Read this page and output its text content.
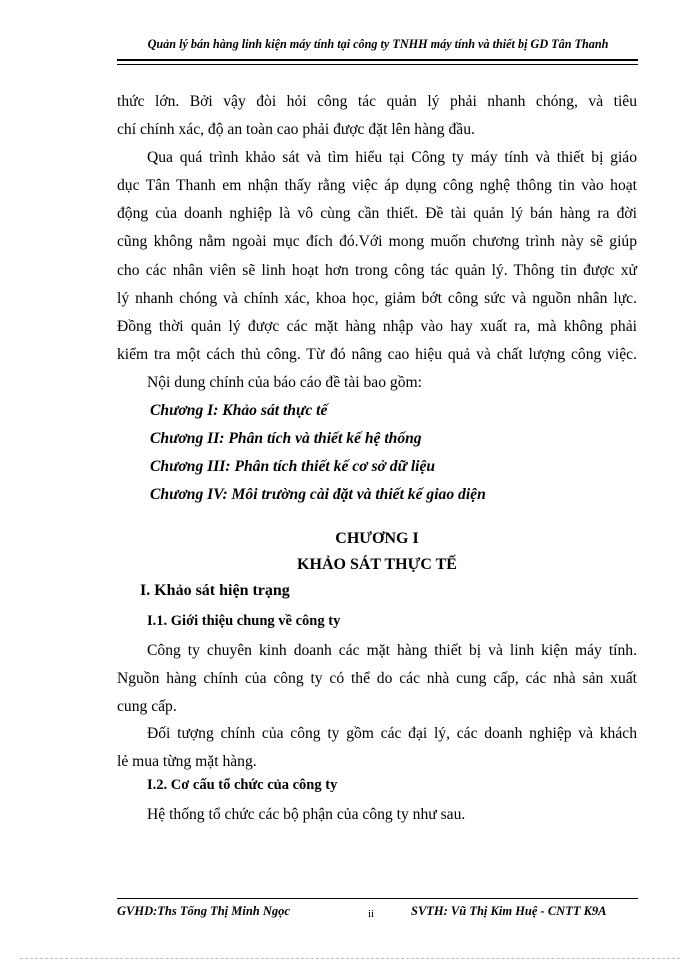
Quản lý bán hàng linh kiện máy tính tại công ty TNHH máy tính và thiết bị GD Tân Thanh
thức lớn. Bởi vậy đòi hỏi công tác quản lý phải nhanh chóng, và tiêu
chí chính xác, độ an toàn cao phải được đặt lên hàng đầu.
Qua quá trình khảo sát và tìm hiểu tại Công ty máy tính và thiết bị giáo
dục Tân Thanh em nhận thấy rằng việc áp dụng công nghệ thông tin vào hoạt
động của doanh nghiệp là vô cùng cần thiết. Đề tài quản lý bán hàng ra đời
cũng không nằm ngoài mục đích đó.Với mong muốn chương trình này sẽ giúp
cho các nhân viên sẽ linh hoạt hơn trong công tác quản lý. Thông tin được xử
lý nhanh chóng và chính xác, khoa học, giảm bớt công sức và nguồn nhân lực.
Đồng thời quản lý được các mặt hàng nhập vào hay xuất ra, mà không phải
kiểm tra một cách thủ công. Từ đó nâng cao hiệu quả và chất lượng công việc.
Nội dung chính của báo cáo đề tài bao gồm:
Chương I: Khảo sát thực tế
Chương II: Phân tích và thiết kế hệ thống
Chương III: Phân tích thiết kế cơ sở dữ liệu
Chương IV: Môi trường cài đặt và thiết kế giao diện
CHƯƠNG I
KHẢO SÁT THỰC TẾ
I. Khảo sát hiện trạng
I.1. Giới thiệu chung về công ty
Công ty chuyên kinh doanh các mặt hàng thiết bị và linh kiện máy tính.
Nguồn hàng chính của công ty có thể do các nhà cung cấp, các nhà sản xuất
cung cấp.
Đối tượng chính của công ty gồm các đại lý, các doanh nghiệp và khách
lẻ mua từng mặt hàng.
I.2. Cơ cấu tổ chức của công ty
Hệ thống tổ chức các bộ phận của công ty như sau.
GVHD:Ths Tống Thị Minh Ngọc	ii	SVTH: Vũ Thị Kim Huệ - CNTT K9A
